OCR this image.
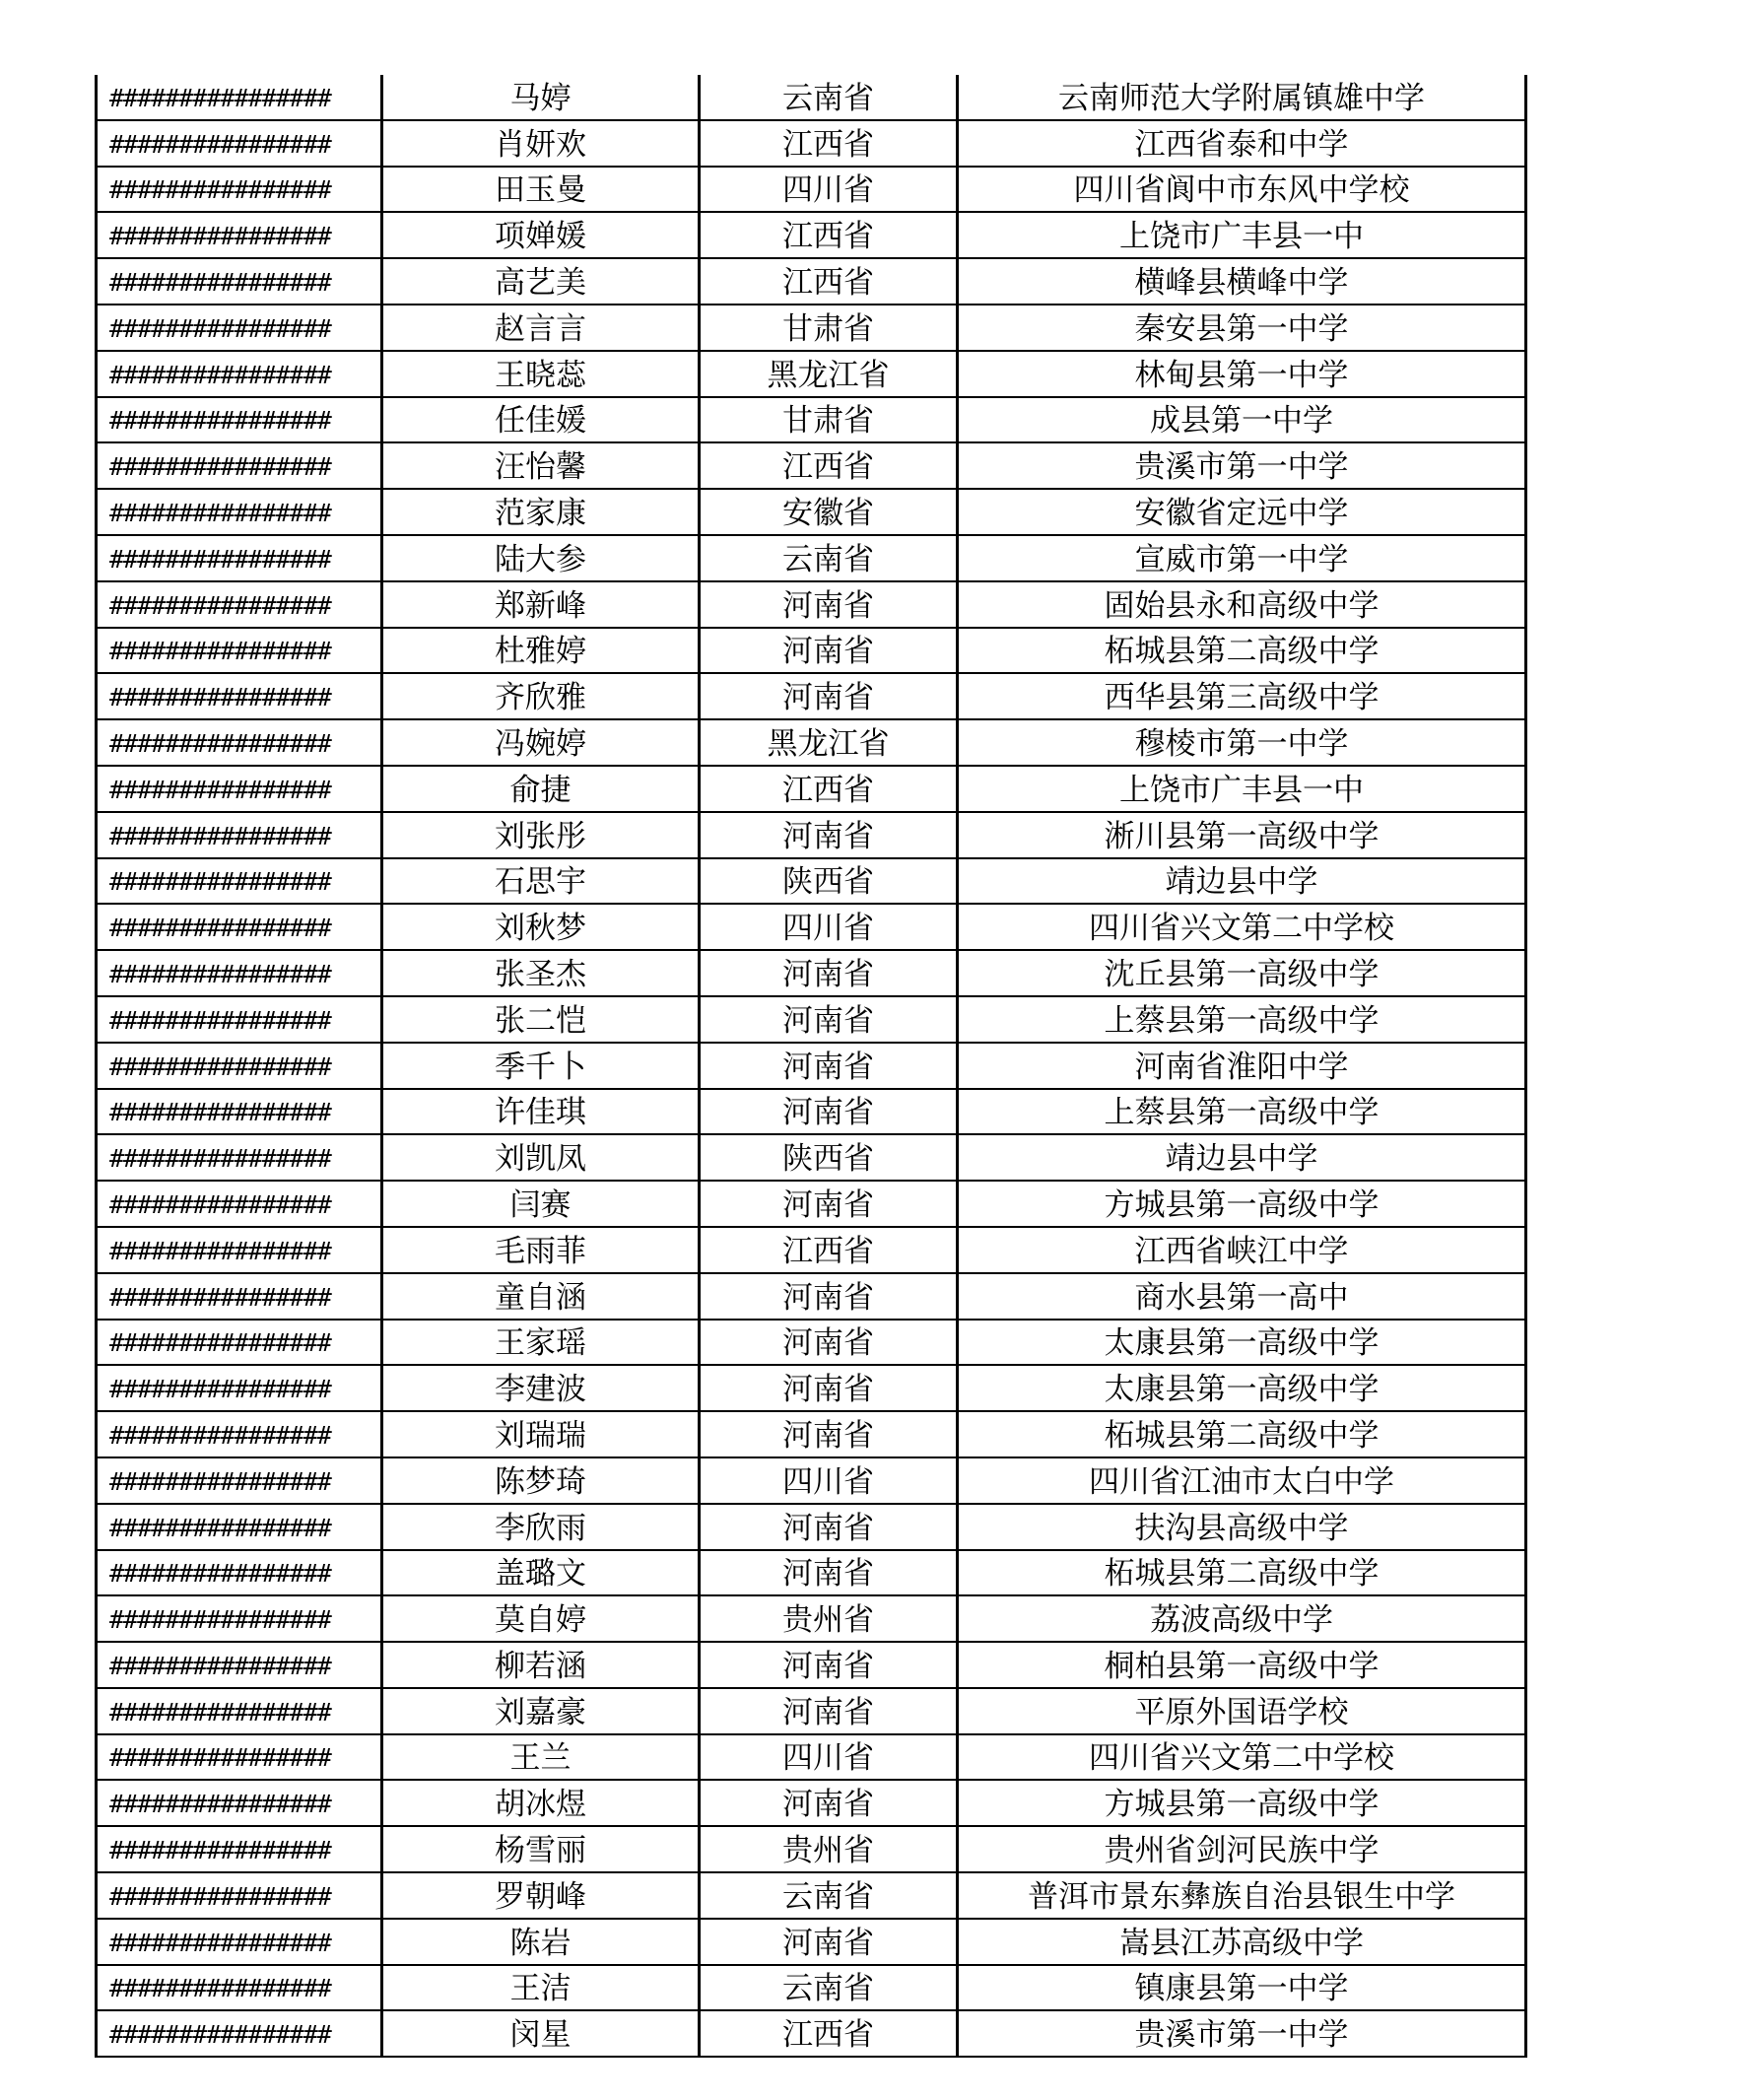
################	马婷	云南省	云南师范大学附属镇雄中学
################	肖妍欢	江西省	江西省泰和中学
################	田玉曼	四川省	四川省阆中市东风中学校
################	项婵媛	江西省	上饶市广丰县一中
################	高艺美	江西省	横峰县横峰中学
################	赵言言	甘肃省	秦安县第一中学
################	王晓蕊	黑龙江省	林甸县第一中学
################	任佳媛	甘肃省	成县第一中学
################	汪怡馨	江西省	贵溪市第一中学
################	范家康	安徽省	安徽省定远中学
################	陆大参	云南省	宣威市第一中学
################	郑新峰	河南省	固始县永和高级中学
################	杜雅婷	河南省	柘城县第二高级中学
################	齐欣雅	河南省	西华县第三高级中学
################	冯婉婷	黑龙江省	穆棱市第一中学
################	俞捷	江西省	上饶市广丰县一中
################	刘张彤	河南省	淅川县第一高级中学
################	石思宇	陕西省	靖边县中学
################	刘秋梦	四川省	四川省兴文第二中学校
################	张圣杰	河南省	沈丘县第一高级中学
################	张二恺	河南省	上蔡县第一高级中学
################	季千卜	河南省	河南省淮阳中学
################	许佳琪	河南省	上蔡县第一高级中学
################	刘凯凤	陕西省	靖边县中学
################	闫赛	河南省	方城县第一高级中学
################	毛雨菲	江西省	江西省峡江中学
################	童自涵	河南省	商水县第一高中
################	王家瑶	河南省	太康县第一高级中学
################	李建波	河南省	太康县第一高级中学
################	刘瑞瑞	河南省	柘城县第二高级中学
################	陈梦琦	四川省	四川省江油市太白中学
################	李欣雨	河南省	扶沟县高级中学
################	盖璐文	河南省	柘城县第二高级中学
################	莫自婷	贵州省	荔波高级中学
################	柳若涵	河南省	桐柏县第一高级中学
################	刘嘉豪	河南省	平原外国语学校
################	王兰	四川省	四川省兴文第二中学校
################	胡冰煜	河南省	方城县第一高级中学
################	杨雪丽	贵州省	贵州省剑河民族中学
################	罗朝峰	云南省	普洱市景东彝族自治县银生中学
################	陈岩	河南省	嵩县江苏高级中学
################	王洁	云南省	镇康县第一中学
################	闵星	江西省	贵溪市第一中学
